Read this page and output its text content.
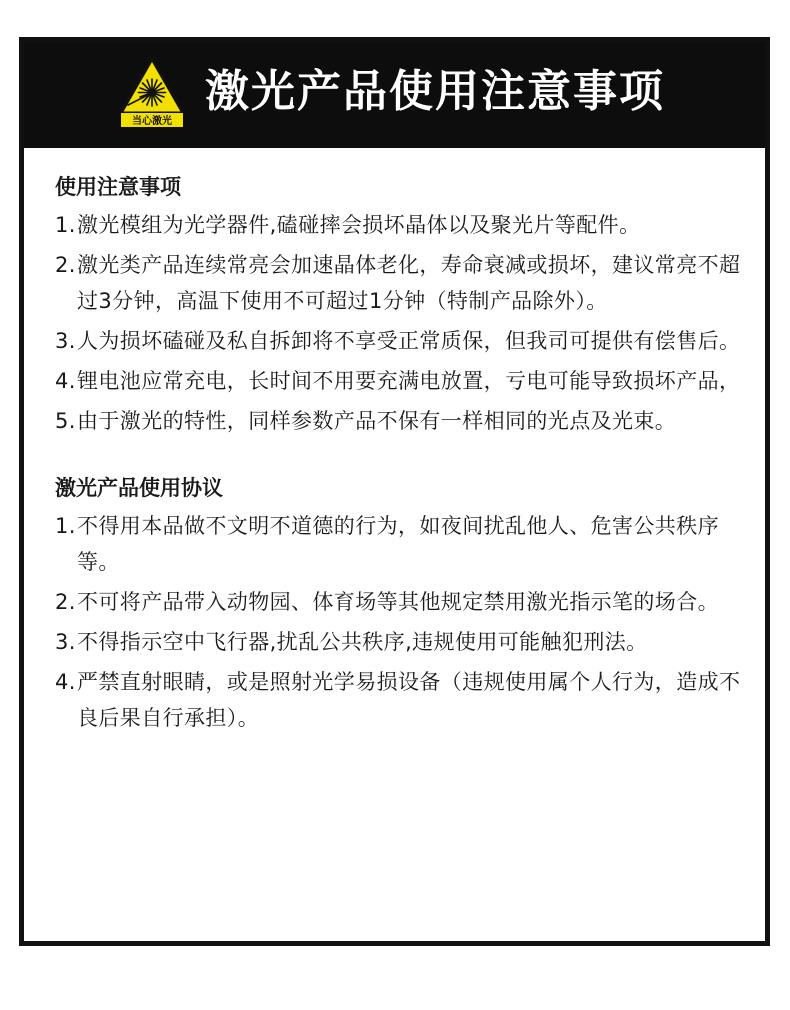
当心激光
激光产品使用注意事项
使用注意事项
1. 激光模组为光学器件,磕碰摔会损坏晶体以及聚光片等配件。
2. 激光类产品连续常亮会加速晶体老化，寿命衰减或损坏，建议常亮不超过3分钟，高温下使用不可超过1分钟（特制产品除外）。
3. 人为损坏磕碰及私自拆卸将不享受正常质保，但我司可提供有偿售后。
4. 锂电池应常充电，长时间不用要充满电放置，亏电可能导致损坏产品，
5. 由于激光的特性，同样参数产品不保有一样相同的光点及光束。
激光产品使用协议
1. 不得用本品做不文明不道德的行为，如夜间扰乱他人、危害公共秩序等。
2. 不可将产品带入动物园、体育场等其他规定禁用激光指示笔的场合。
3. 不得指示空中飞行器,扰乱公共秩序,违规使用可能触犯刑法。
4. 严禁直射眼睛，或是照射光学易损设备（违规使用属个人行为，造成不良后果自行承担）。
